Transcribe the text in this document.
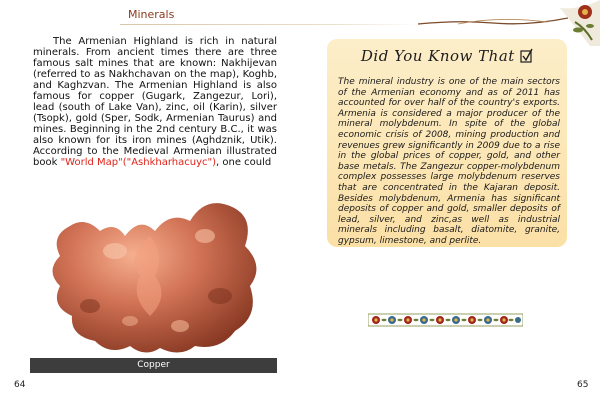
Minerals

  The Armenian Highland is rich in natural minerals. From ancient times there are three famous salt mines that are known: Nakhijevan (referred to as Nakhchavan on the map), Koghb, and Kaghzvan. The Armenian Highland is also famous for copper (Gugark, Zangezur, Lori), lead (south of Lake Van), zinc, oil (Karin), silver (Tsopk), gold (Sper, Sodk, Armenian Taurus) and mines. Beginning in the 2nd century B.C., it was also known for its iron mines (Aghdznik, Utik). According to the Medieval Armenian illustrated book "World Map"("Ashkharhacuyc"), one could

Copper
Did You Know That

The mineral industry is one of the main sectors of the Armenian economy and as of 2011 has accounted for over half of the country's exports. Armenia is considered a major producer of the mineral molybdenum. In spite of the global economic crisis of 2008, mining production and revenues grew significantly in 2009 due to a rise in the global prices of copper, gold, and other base metals. The Zangezur copper-molybdenum complex possesses large molybdenum reserves that are concentrated in the Kajaran deposit. Besides molybdenum, Armenia has significant deposits of copper and gold, smaller deposits of lead, silver, and zinc,as well as industrial minerals including basalt, diatomite, granite, gypsum, limestone, and perlite.

64	65
